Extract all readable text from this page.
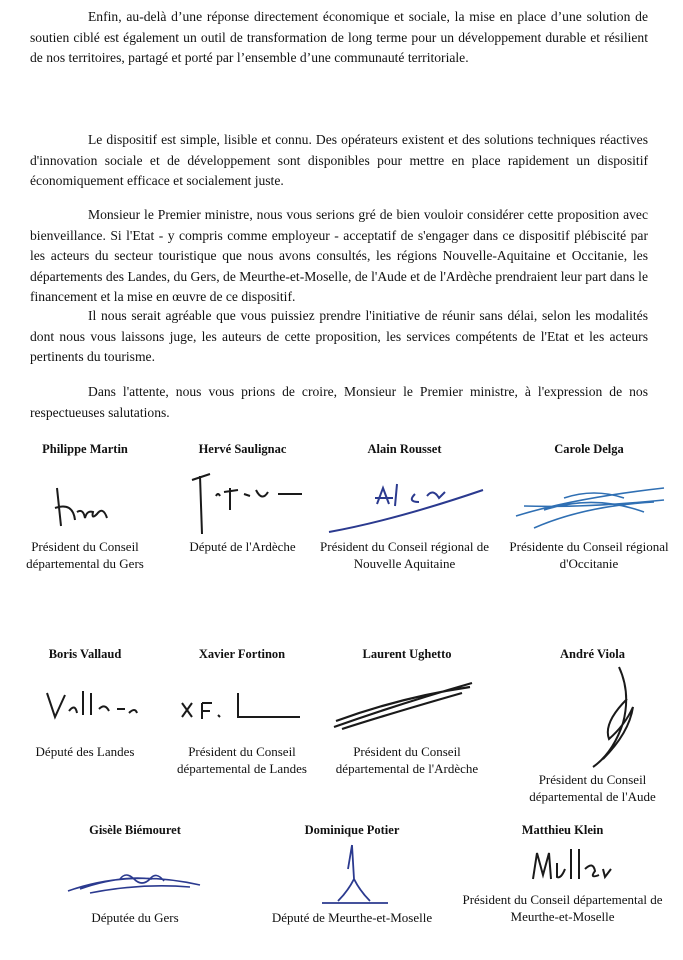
Enfin, au-delà d’une réponse directement économique et sociale, la mise en place d’une solution de soutien ciblé est également un outil de transformation de long terme pour un développement durable et résilient de nos territoires, partagé et porté par l’ensemble d’une communauté territoriale.

Le dispositif est simple, lisible et connu. Des opérateurs existent et des solutions techniques réactives d'innovation sociale et de développement sont disponibles pour mettre en place rapidement un dispositif économiquement efficace et socialement juste.

Monsieur le Premier ministre, nous vous serions gré de bien vouloir considérer cette proposition avec bienveillance. Si l'Etat - y compris comme employeur - acceptatif de s'engager dans ce dispositif plébiscité par les acteurs du secteur touristique que nous avons consultés, les régions Nouvelle-Aquitaine et Occitanie, les départements des Landes, du Gers, de Meurthe-et-Moselle, de l'Aude et de l'Ardèche prendraient leur part dans le financement et la mise en œuvre de ce dispositif.

Il nous serait agréable que vous puissiez prendre l'initiative de réunir sans délai, selon les modalités dont nous vous laissons juge, les auteurs de cette proposition, les services compétents de l'Etat et les acteurs pertinents du tourisme.

Dans l'attente, nous vous prions de croire, Monsieur le Premier ministre, à l'expression de nos respectueuses salutations.

Philippe Martin
Président du Conseil départemental du Gers
Hervé Saulignac
Député de l'Ardèche
Alain Rousset
Président du Conseil régional de Nouvelle Aquitaine
Carole Delga
Présidente du Conseil régional d'Occitanie
Boris Vallaud
Député des Landes
Xavier Fortinon
Président du Conseil départemental de Landes
Laurent Ughetto
Président du Conseil départemental de l'Ardèche
André Viola
Président du Conseil départemental de l'Aude
Gisèle Biémouret
Députée du Gers
Dominique Potier
Député de Meurthe-et-Moselle
Matthieu Klein
Président du Conseil départemental de Meurthe-et-Moselle
